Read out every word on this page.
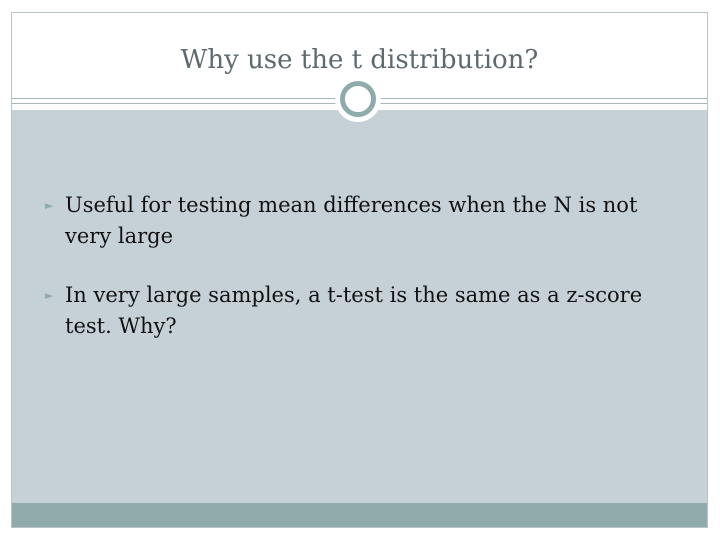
Why use the t distribution?
► Useful for testing mean differences when the N is not very large
► In very large samples, a t-test is the same as a z-score test. Why?
